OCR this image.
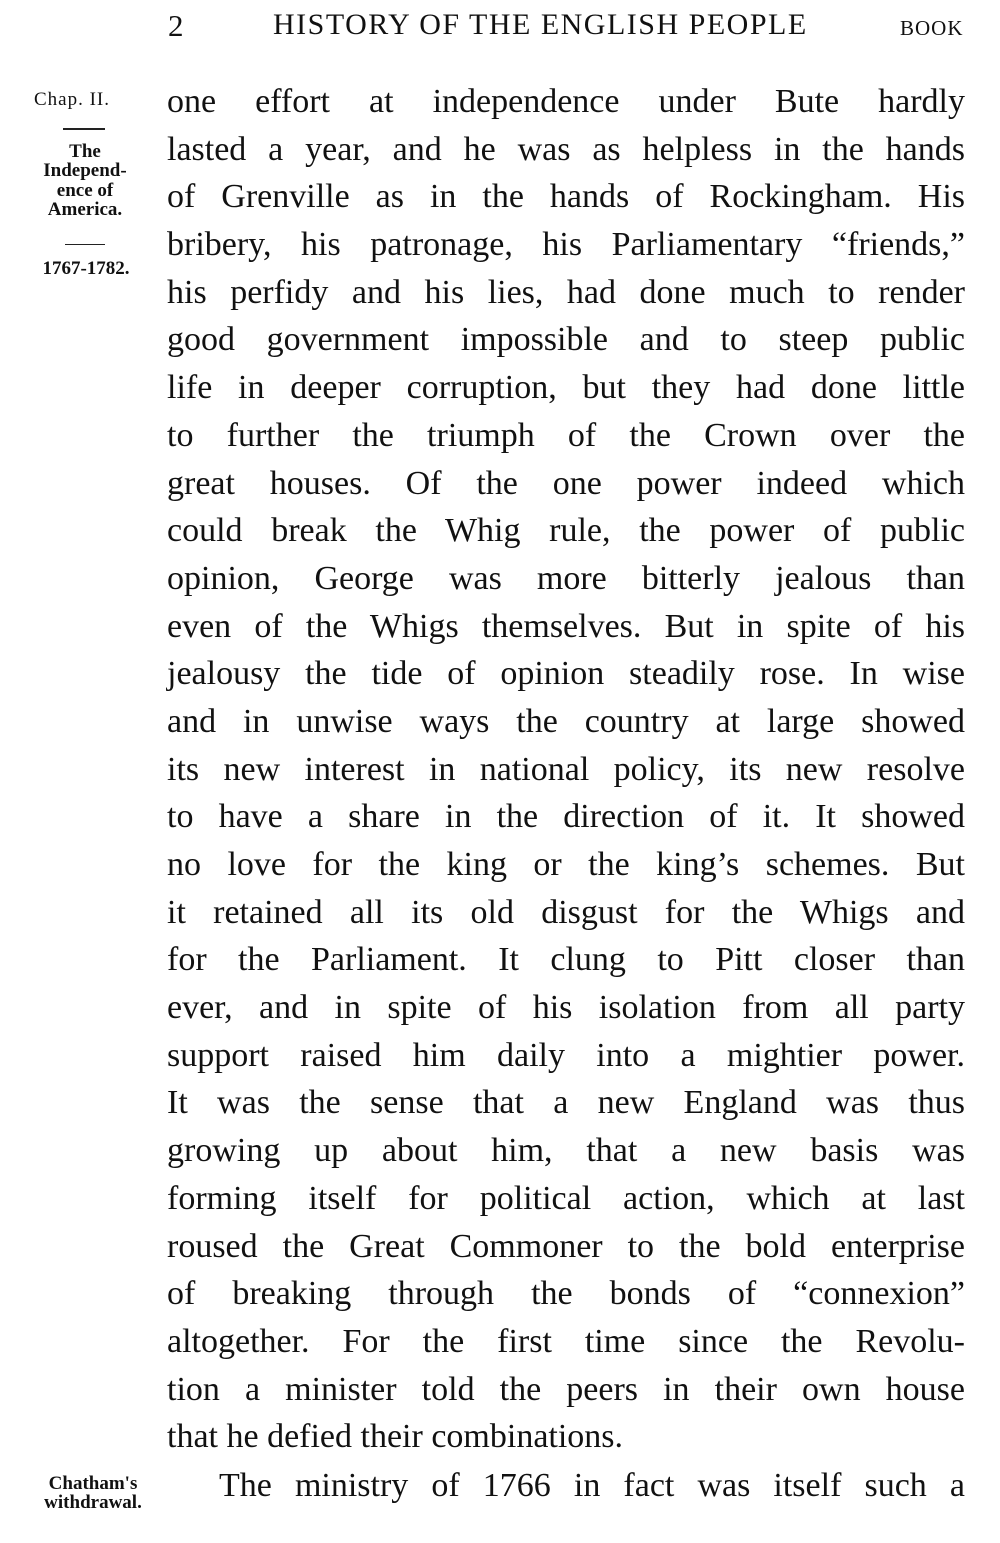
2	HISTORY OF THE ENGLISH PEOPLE	BOOK
Chap. II.
The
Independ-
ence of
America.
1767-1782.
one effort at independence under Bute hardly
lasted a year, and he was as helpless in the hands
of Grenville as in the hands of Rockingham. His
bribery, his patronage, his Parliamentary “friends,”
his perfidy and his lies, had done much to render
good government impossible and to steep public
life in deeper corruption, but they had done little
to further the triumph of the Crown over the
great houses. Of the one power indeed which
could break the Whig rule, the power of public
opinion, George was more bitterly jealous than
even of the Whigs themselves. But in spite of his
jealousy the tide of opinion steadily rose. In wise
and in unwise ways the country at large showed
its new interest in national policy, its new resolve
to have a share in the direction of it. It showed
no love for the king or the king’s schemes. But
it retained all its old disgust for the Whigs and
for the Parliament. It clung to Pitt closer than
ever, and in spite of his isolation from all party
support raised him daily into a mightier power.
It was the sense that a new England was thus
growing up about him, that a new basis was
forming itself for political action, which at last
roused the Great Commoner to the bold enterprise
of breaking through the bonds of “connexion”
altogether. For the first time since the Revolu-
tion a minister told the peers in their own house
that he defied their combinations.
Chatham's
withdrawal.	The ministry of 1766 in fact was itself such a
